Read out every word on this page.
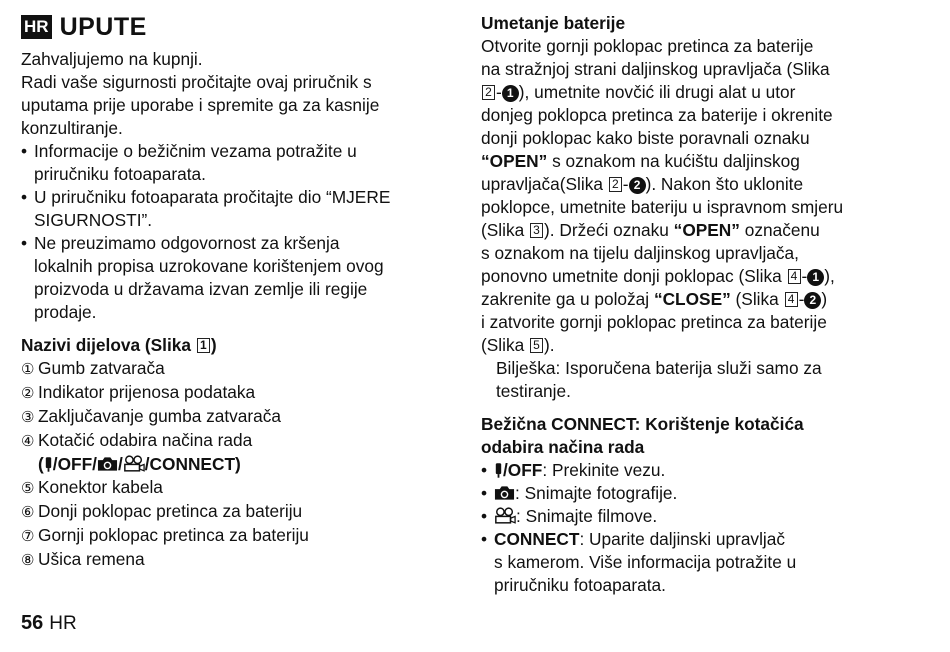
HR UPUTE
Zahvaljujemo na kupnji.
Radi vaše sigurnosti pročitajte ovaj priručnik s
uputama prije uporabe i spremite ga za kasnije
konzultiranje.
• Informacije o bežičnim vezama potražite u
priručniku fotoaparata.
• U priručniku fotoaparata pročitajte dio “MJERE
SIGURNOSTI”.
• Ne preuzimamo odgovornost za kršenja
lokalnih propisa uzrokovane korištenjem ovog
proizvoda u državama izvan zemlje ili regije
prodaje.
Nazivi dijelova (Slika 1 )
① Gumb zatvarača
② Indikator prijenosa podataka
③ Zaključavanje gumba zatvarača
④ Kotačić odabira načina rada
( /OFF/ / /CONNECT)
⑤ Konektor kabela
⑥ Donji poklopac pretinca za bateriju
⑦ Gornji poklopac pretinca za bateriju
⑧ Ušica remena
Umetanje baterije
Otvorite gornji poklopac pretinca za baterije
na stražnjoj strani daljinskog upravljača (Slika
2 - 1 ), umetnite novčić ili drugi alat u utor
donjeg poklopca pretinca za baterije i okrenite
donji poklopac kako biste poravnali oznaku
“OPEN” s oznakom na kućištu daljinskog
upravljača(Slika 2 - 2 ). Nakon što uklonite
poklopce, umetnite bateriju u ispravnom smjeru
(Slika 3 ). Držeći oznaku “OPEN” označenu
s oznakom na tijelu daljinskog upravljača,
ponovno umetnite donji poklopac (Slika 4 - 1 ),
zakrenite ga u položaj “CLOSE” (Slika 4 - 2 )
i zatvorite gornji poklopac pretinca za baterije
(Slika 5 ).
Bilješka: Isporučena baterija služi samo za
testiranje.
Bežična CONNECT: Korištenje kotačića
odabira načina rada
• /OFF: Prekinite vezu.
• : Snimajte fotografije.
• : Snimajte filmove.
• CONNECT: Uparite daljinski upravljač
s kamerom. Više informacija potražite u
priručniku fotoaparata.
56 HR
